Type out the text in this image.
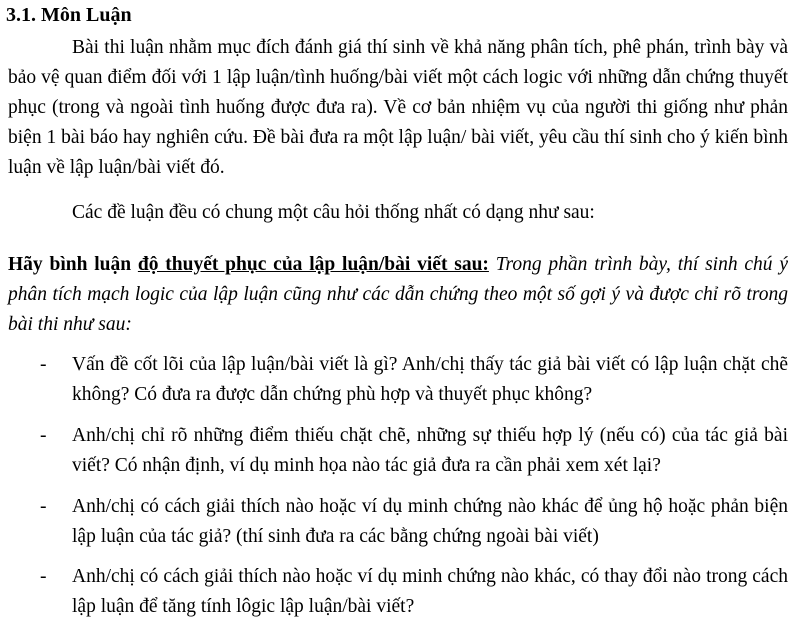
3.1. Môn Luận
Bài thi luận nhằm mục đích đánh giá thí sinh về khả năng phân tích, phê phán, trình bày và bảo vệ quan điểm đối với 1 lập luận/tình huống/bài viết một cách logic với những dẫn chứng thuyết phục (trong và ngoài tình huống được đưa ra). Về cơ bản nhiệm vụ của người thi giống như phản biện 1 bài báo hay nghiên cứu. Đề bài đưa ra một lập luận/ bài viết, yêu cầu thí sinh cho ý kiến bình luận về lập luận/bài viết đó.
Các đề luận đều có chung một câu hỏi thống nhất có dạng như sau:
Hãy bình luận độ thuyết phục của lập luận/bài viết sau: Trong phần trình bày, thí sinh chú ý phân tích mạch logic của lập luận cũng như các dẫn chứng theo một số gợi ý và được chỉ rõ trong bài thi như sau:
- Vấn đề cốt lõi của lập luận/bài viết là gì? Anh/chị thấy tác giả bài viết có lập luận chặt chẽ không? Có đưa ra được dẫn chứng phù hợp và thuyết phục không?
- Anh/chị chỉ rõ những điểm thiếu chặt chẽ, những sự thiếu hợp lý (nếu có) của tác giả bài viết? Có nhận định, ví dụ minh họa nào tác giả đưa ra cần phải xem xét lại?
- Anh/chị có cách giải thích nào hoặc ví dụ minh chứng nào khác để ủng hộ hoặc phản biện lập luận của tác giả? (thí sinh đưa ra các bằng chứng ngoài bài viết)
- Anh/chị có cách giải thích nào hoặc ví dụ minh chứng nào khác, có thay đổi nào trong cách lập luận để tăng tính lôgic lập luận/bài viết?
